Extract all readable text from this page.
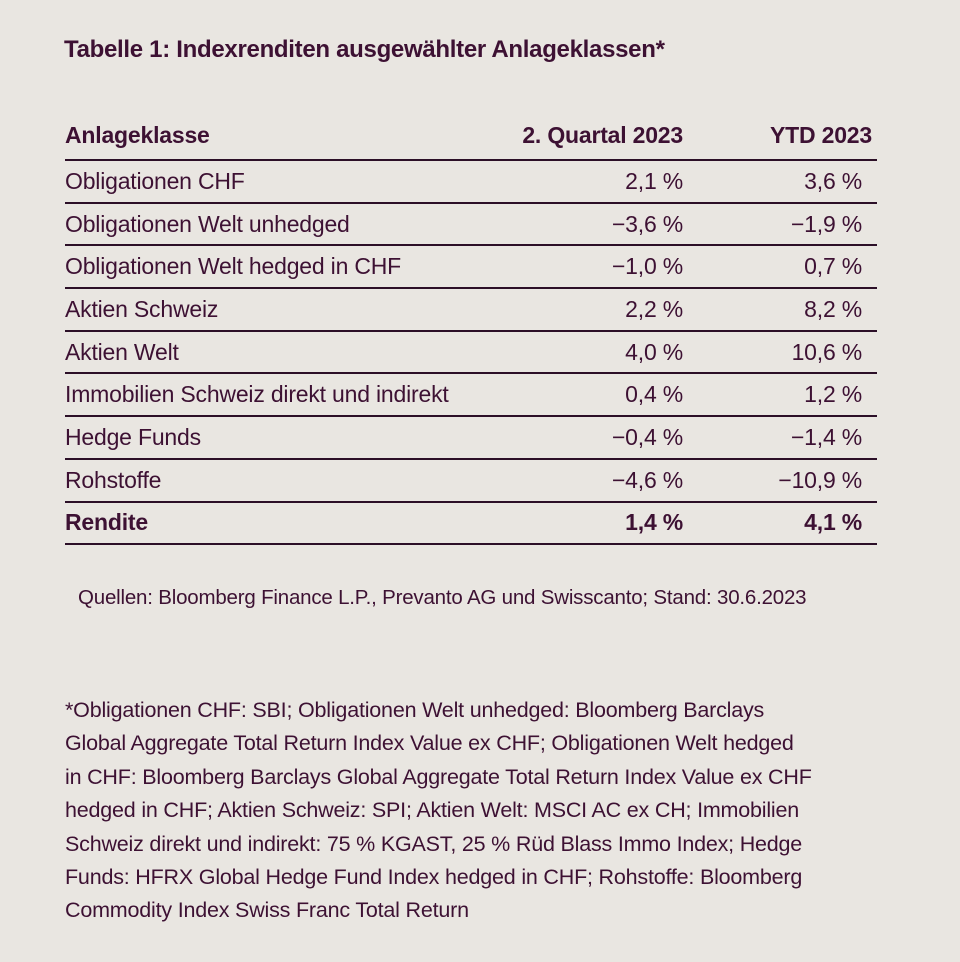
Tabelle 1: Indexrenditen ausgewählter Anlageklassen*
Anlageklasse	2. Quartal 2023	YTD 2023
Obligationen CHF	2,1 %	3,6 %
Obligationen Welt unhedged	−3,6 %	−1,9 %
Obligationen Welt hedged in CHF	−1,0 %	0,7 %
Aktien Schweiz	2,2 %	8,2 %
Aktien Welt	4,0 %	10,6 %
Immobilien Schweiz direkt und indirekt	0,4 %	1,2 %
Hedge Funds	−0,4 %	−1,4 %
Rohstoffe	−4,6 %	−10,9 %
Rendite	1,4 %	4,1 %

Quellen: Bloomberg Finance L.P., Prevanto AG und Swisscanto; Stand: 30.6.2023

*Obligationen CHF: SBI; Obligationen Welt unhedged: Bloomberg Barclays
Global Aggregate Total Return Index Value ex CHF; Obligationen Welt hedged
in CHF: Bloomberg Barclays Global Aggregate Total Return Index Value ex CHF
hedged in CHF; Aktien Schweiz: SPI; Aktien Welt: MSCI AC ex CH; Immobilien
Schweiz direkt und indirekt: 75 % KGAST, 25 % Rüd Blass Immo Index; Hedge
Funds: HFRX Global Hedge Fund Index hedged in CHF; Rohstoffe: Bloomberg
Commodity Index Swiss Franc Total Return
